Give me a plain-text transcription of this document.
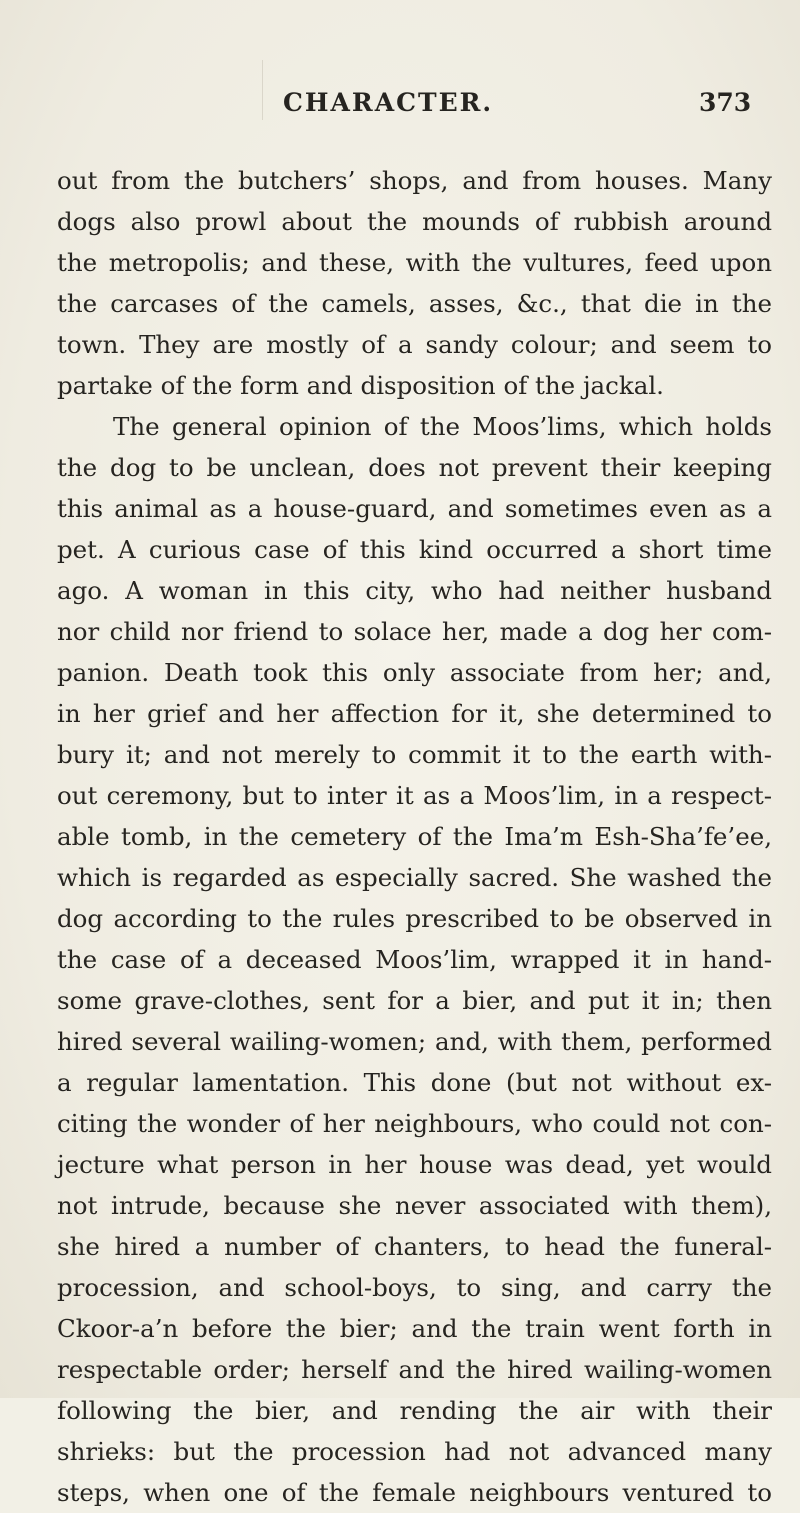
CHARACTER.	373
out from the butchers’ shops, and from houses. Many
dogs also prowl about the mounds of rubbish around
the metropolis; and these, with the vultures, feed upon
the carcases of the camels, asses, &c., that die in the
town. They are mostly of a sandy colour; and seem to
partake of the form and disposition of the jackal.
The general opinion of the Moos’lims, which holds
the dog to be unclean, does not prevent their keeping
this animal as a house-guard, and sometimes even as a
pet. A curious case of this kind occurred a short time
ago. A woman in this city, who had neither husband
nor child nor friend to solace her, made a dog her com-
panion. Death took this only associate from her; and,
in her grief and her affection for it, she determined to
bury it; and not merely to commit it to the earth with-
out ceremony, but to inter it as a Moos’lim, in a respect-
able tomb, in the cemetery of the Ima’m Esh-Sha’fe’ee,
which is regarded as especially sacred. She washed the
dog according to the rules prescribed to be observed in
the case of a deceased Moos’lim, wrapped it in hand-
some grave-clothes, sent for a bier, and put it in; then
hired several wailing-women; and, with them, performed
a regular lamentation. This done (but not without ex-
citing the wonder of her neighbours, who could not con-
jecture what person in her house was dead, yet would
not intrude, because she never associated with them),
she hired a number of chanters, to head the funeral-
procession, and school-boys, to sing, and carry the
Ckoor-a’n before the bier; and the train went forth in
respectable order; herself and the hired wailing-women
following the bier, and rending the air with their
shrieks: but the procession had not advanced many
steps, when one of the female neighbours ventured to
